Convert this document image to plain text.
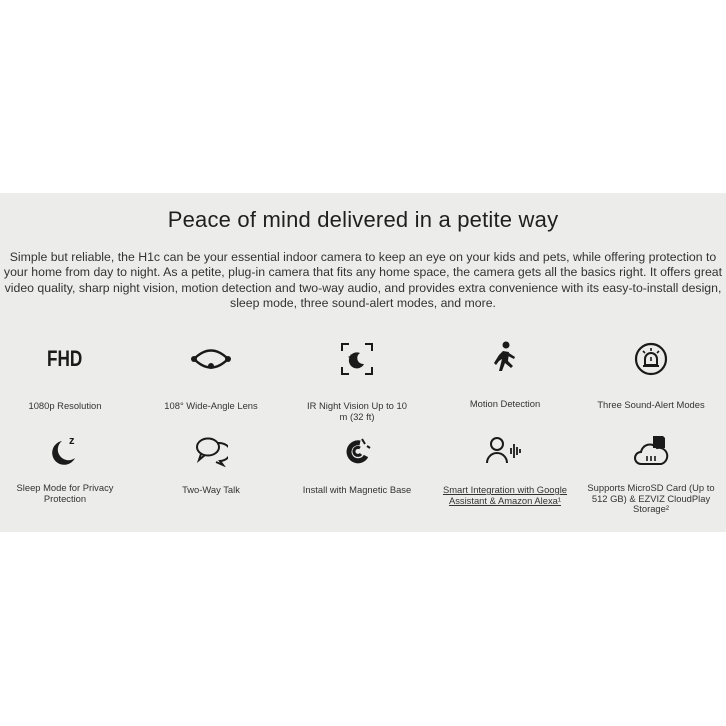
Peace of mind delivered in a petite way
Simple but reliable, the H1c can be your essential indoor camera to keep an eye on your kids and pets, while offering protection to your home from day to night. As a petite, plug-in camera that fits any home space, the camera gets all the basics right. It offers great video quality, sharp night vision, motion detection and two-way audio, and provides extra convenience with its easy-to-install design, sleep mode, three sound-alert modes, and more.
FHD
1080p Resolution	108° Wide-Angle Lens	IR Night Vision Up to 10 m (32 ft)
Motion Detection	Three Sound-Alert Modes
z
Sleep Mode for Privacy Protection
Two-Way Talk	Install with Magnetic Base	Smart Integration with Google Assistant & Amazon Alexa¹
Supports MicroSD Card (Up to 512 GB) & EZVIZ CloudPlay Storage²
